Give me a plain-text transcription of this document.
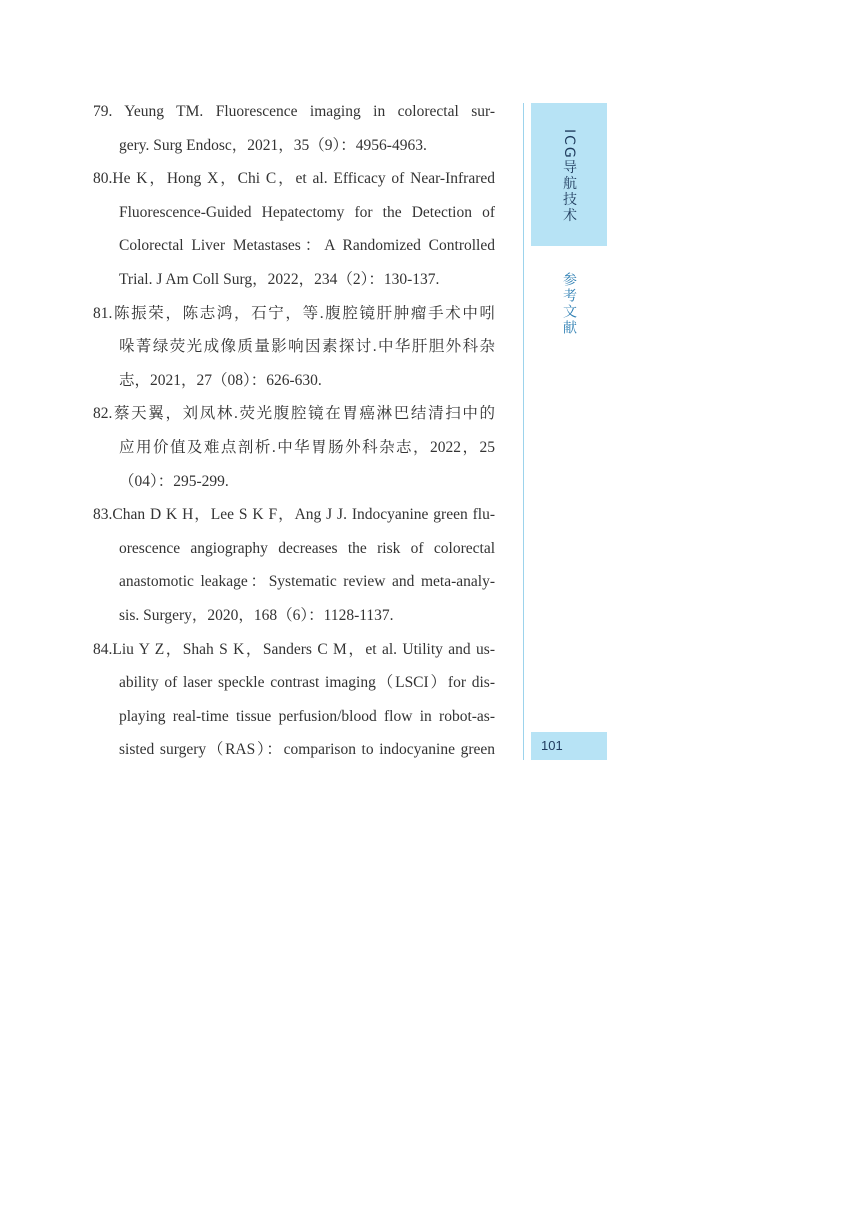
79. Yeung TM. Fluorescence imaging in colorectal sur-
gery. Surg Endosc，2021，35（9）：4956-4963.
80.He K，Hong X，Chi C，et al. Efficacy of Near-Infrared
Fluorescence-Guided Hepatectomy for the Detection of
Colorectal Liver Metastases：A Randomized Controlled
Trial. J Am Coll Surg，2022，234（2）：130-137.
81.陈振荣，陈志鸿，石宁，等.腹腔镜肝肿瘤手术中吲
哚菁绿荧光成像质量影响因素探讨.中华肝胆外科杂
志，2021，27（08）：626-630.
82.蔡天翼，刘凤林.荧光腹腔镜在胃癌淋巴结清扫中的
应用价值及难点剖析.中华胃肠外科杂志，2022，25
（04）：295-299.
83.Chan D K H，Lee S K F，Ang J J. Indocyanine green flu-
orescence angiography decreases the risk of colorectal
anastomotic leakage：Systematic review and meta-analy-
sis. Surgery，2020，168（6）：1128-1137.
84.Liu Y Z，Shah S K，Sanders C M，et al. Utility and us-
ability of laser speckle contrast imaging（LSCI）for dis-
playing real-time tissue perfusion/blood flow in robot-as-
sisted surgery（RAS）：comparison to indocyanine green
ICG导航技术
参考文献
101
